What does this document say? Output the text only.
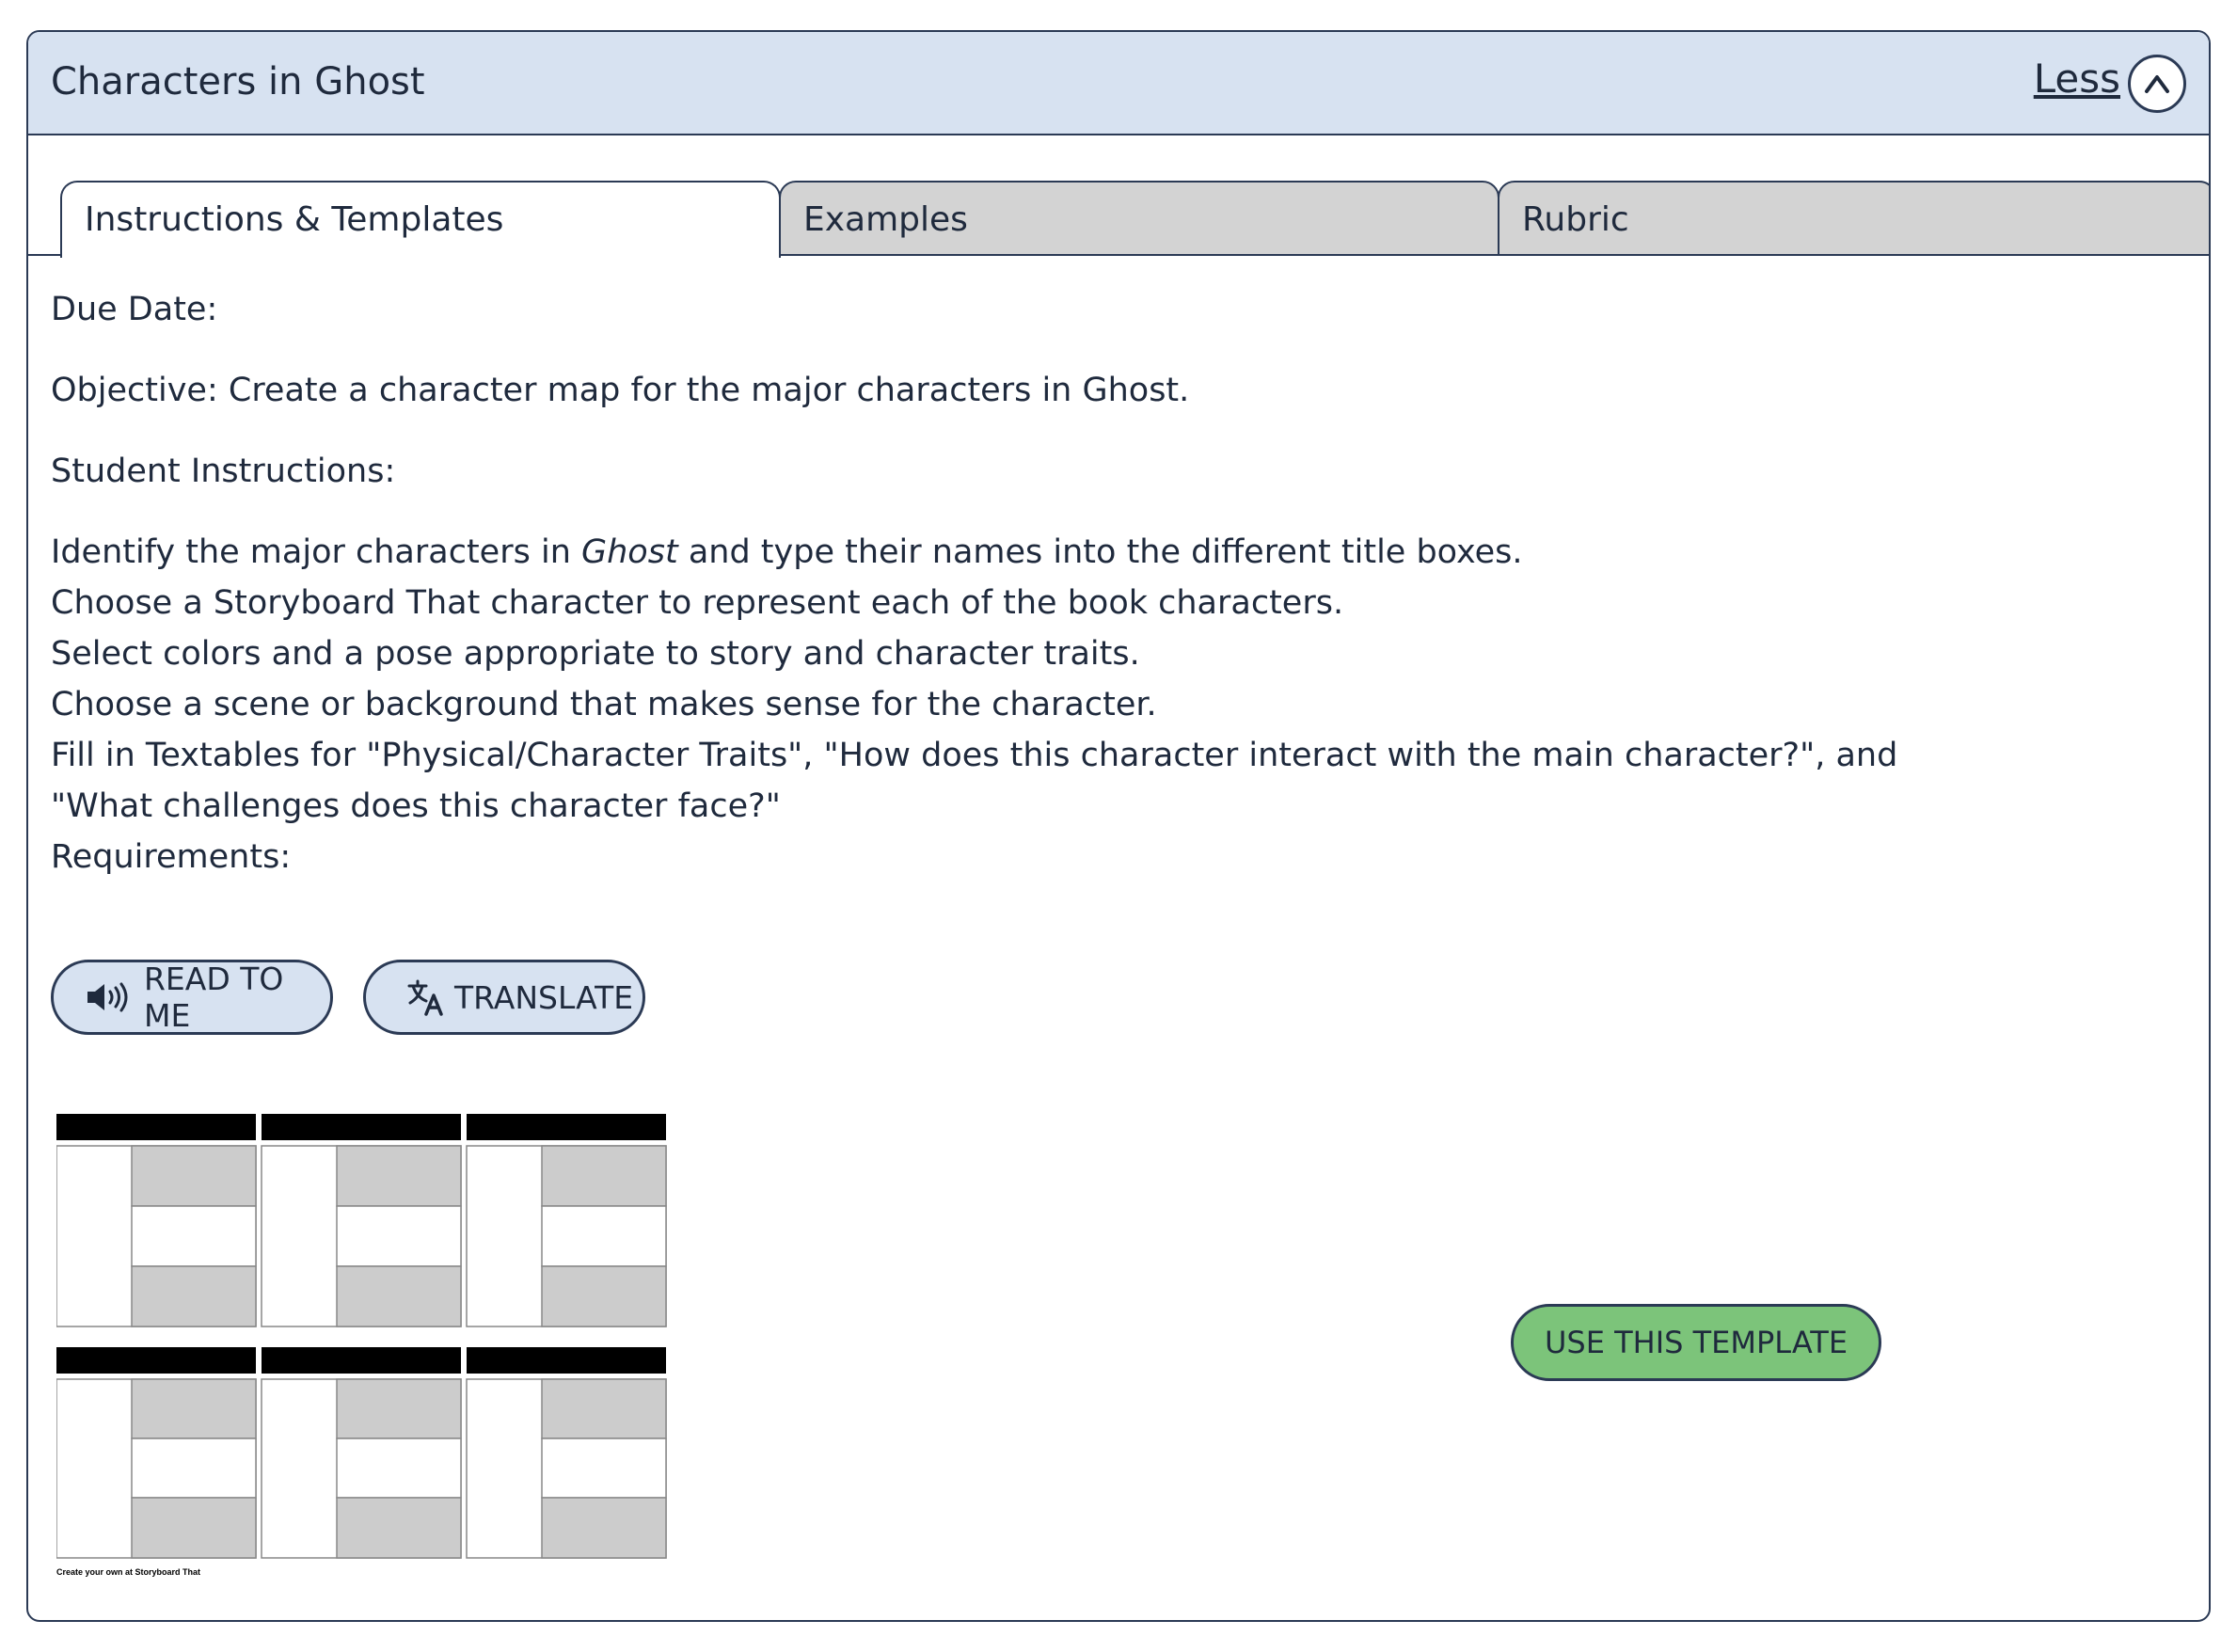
Characters in Ghost	Less
Instructions & Templates	Examples	Rubric

Due Date:

Objective: Create a character map for the major characters in Ghost.

Student Instructions:

Identify the major characters in Ghost and type their names into the different title boxes.

Choose a Storyboard That character to represent each of the book characters.

Select colors and a pose appropriate to story and character traits.

Choose a scene or background that makes sense for the character.

Fill in Textables for "Physical/Character Traits", "How does this character interact with the main character?", and

"What challenges does this character face?"

Requirements:

READ TO ME	TRANSLATE
Create your own at Storyboard That
USE THIS TEMPLATE
